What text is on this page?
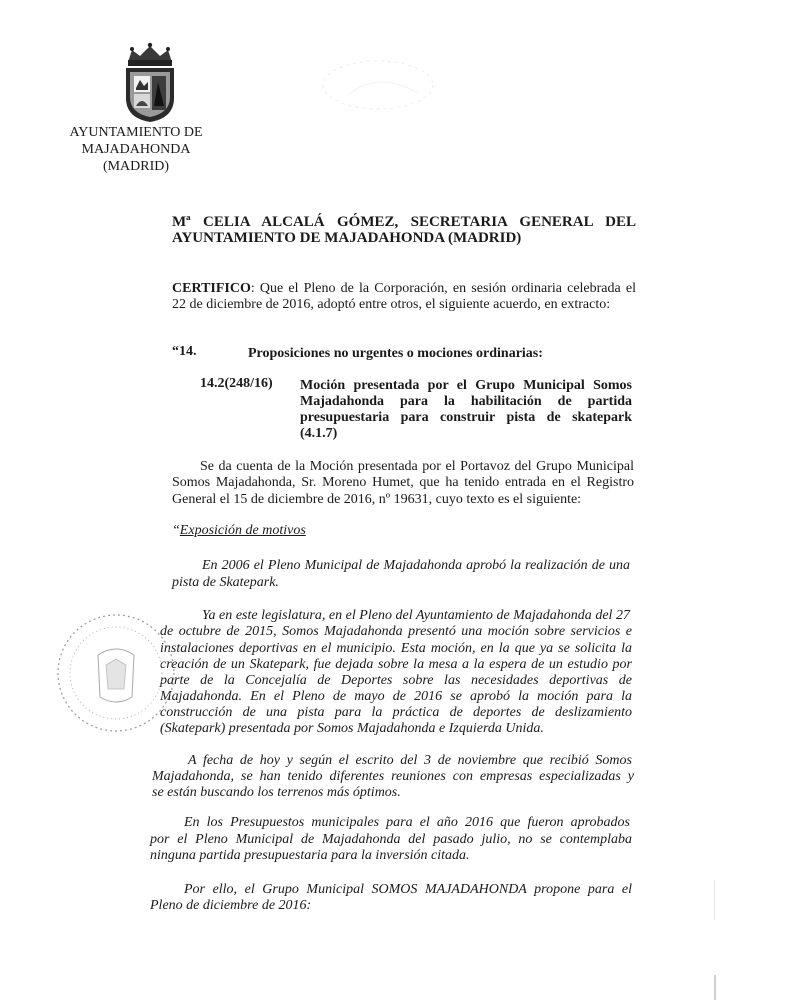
AYUNTAMIENTO DE
MAJADAHONDA
(MADRID)
Mª CELIA ALCALÁ GÓMEZ, SECRETARIA GENERAL DEL
AYUNTAMIENTO DE MAJADAHONDA (MADRID)
CERTIFICO: Que el Pleno de la Corporación, en sesión ordinaria celebrada el
22 de diciembre de 2016, adoptó entre otros, el siguiente acuerdo, en extracto:
“14.	Proposiciones no urgentes o mociones ordinarias:
14.2(248/16) Moción presentada por el Grupo Municipal Somos
Majadahonda para la habilitación de partida
presupuestaria para construir pista de skatepark
(4.1.7)
Se da cuenta de la Moción presentada por el Portavoz del Grupo Municipal
Somos Majadahonda, Sr. Moreno Humet, que ha tenido entrada en el Registro
General el 15 de diciembre de 2016, nº 19631, cuyo texto es el siguiente:
“Exposición de motivos
En 2006 el Pleno Municipal de Majadahonda aprobó la realización de una
pista de Skatepark.
Ya en este legislatura, en el Pleno del Ayuntamiento de Majadahonda del 27
de octubre de 2015, Somos Majadahonda presentó una moción sobre servicios e
instalaciones deportivas en el municipio. Esta moción, en la que ya se solicita la
creación de un Skatepark, fue dejada sobre la mesa a la espera de un estudio por
parte de la Concejalía de Deportes sobre las necesidades deportivas de
Majadahonda. En el Pleno de mayo de 2016 se aprobó la moción para la
construcción de una pista para la práctica de deportes de deslizamiento
(Skatepark) presentada por Somos Majadahonda e Izquierda Unida.
A fecha de hoy y según el escrito del 3 de noviembre que recibió Somos
Majadahonda, se han tenido diferentes reuniones con empresas especializadas y
se están buscando los terrenos más óptimos.
En los Presupuestos municipales para el año 2016 que fueron aprobados
por el Pleno Municipal de Majadahonda del pasado julio, no se contemplaba
ninguna partida presupuestaria para la inversión citada.
Por ello, el Grupo Municipal SOMOS MAJADAHONDA propone para el
Pleno de diciembre de 2016:
